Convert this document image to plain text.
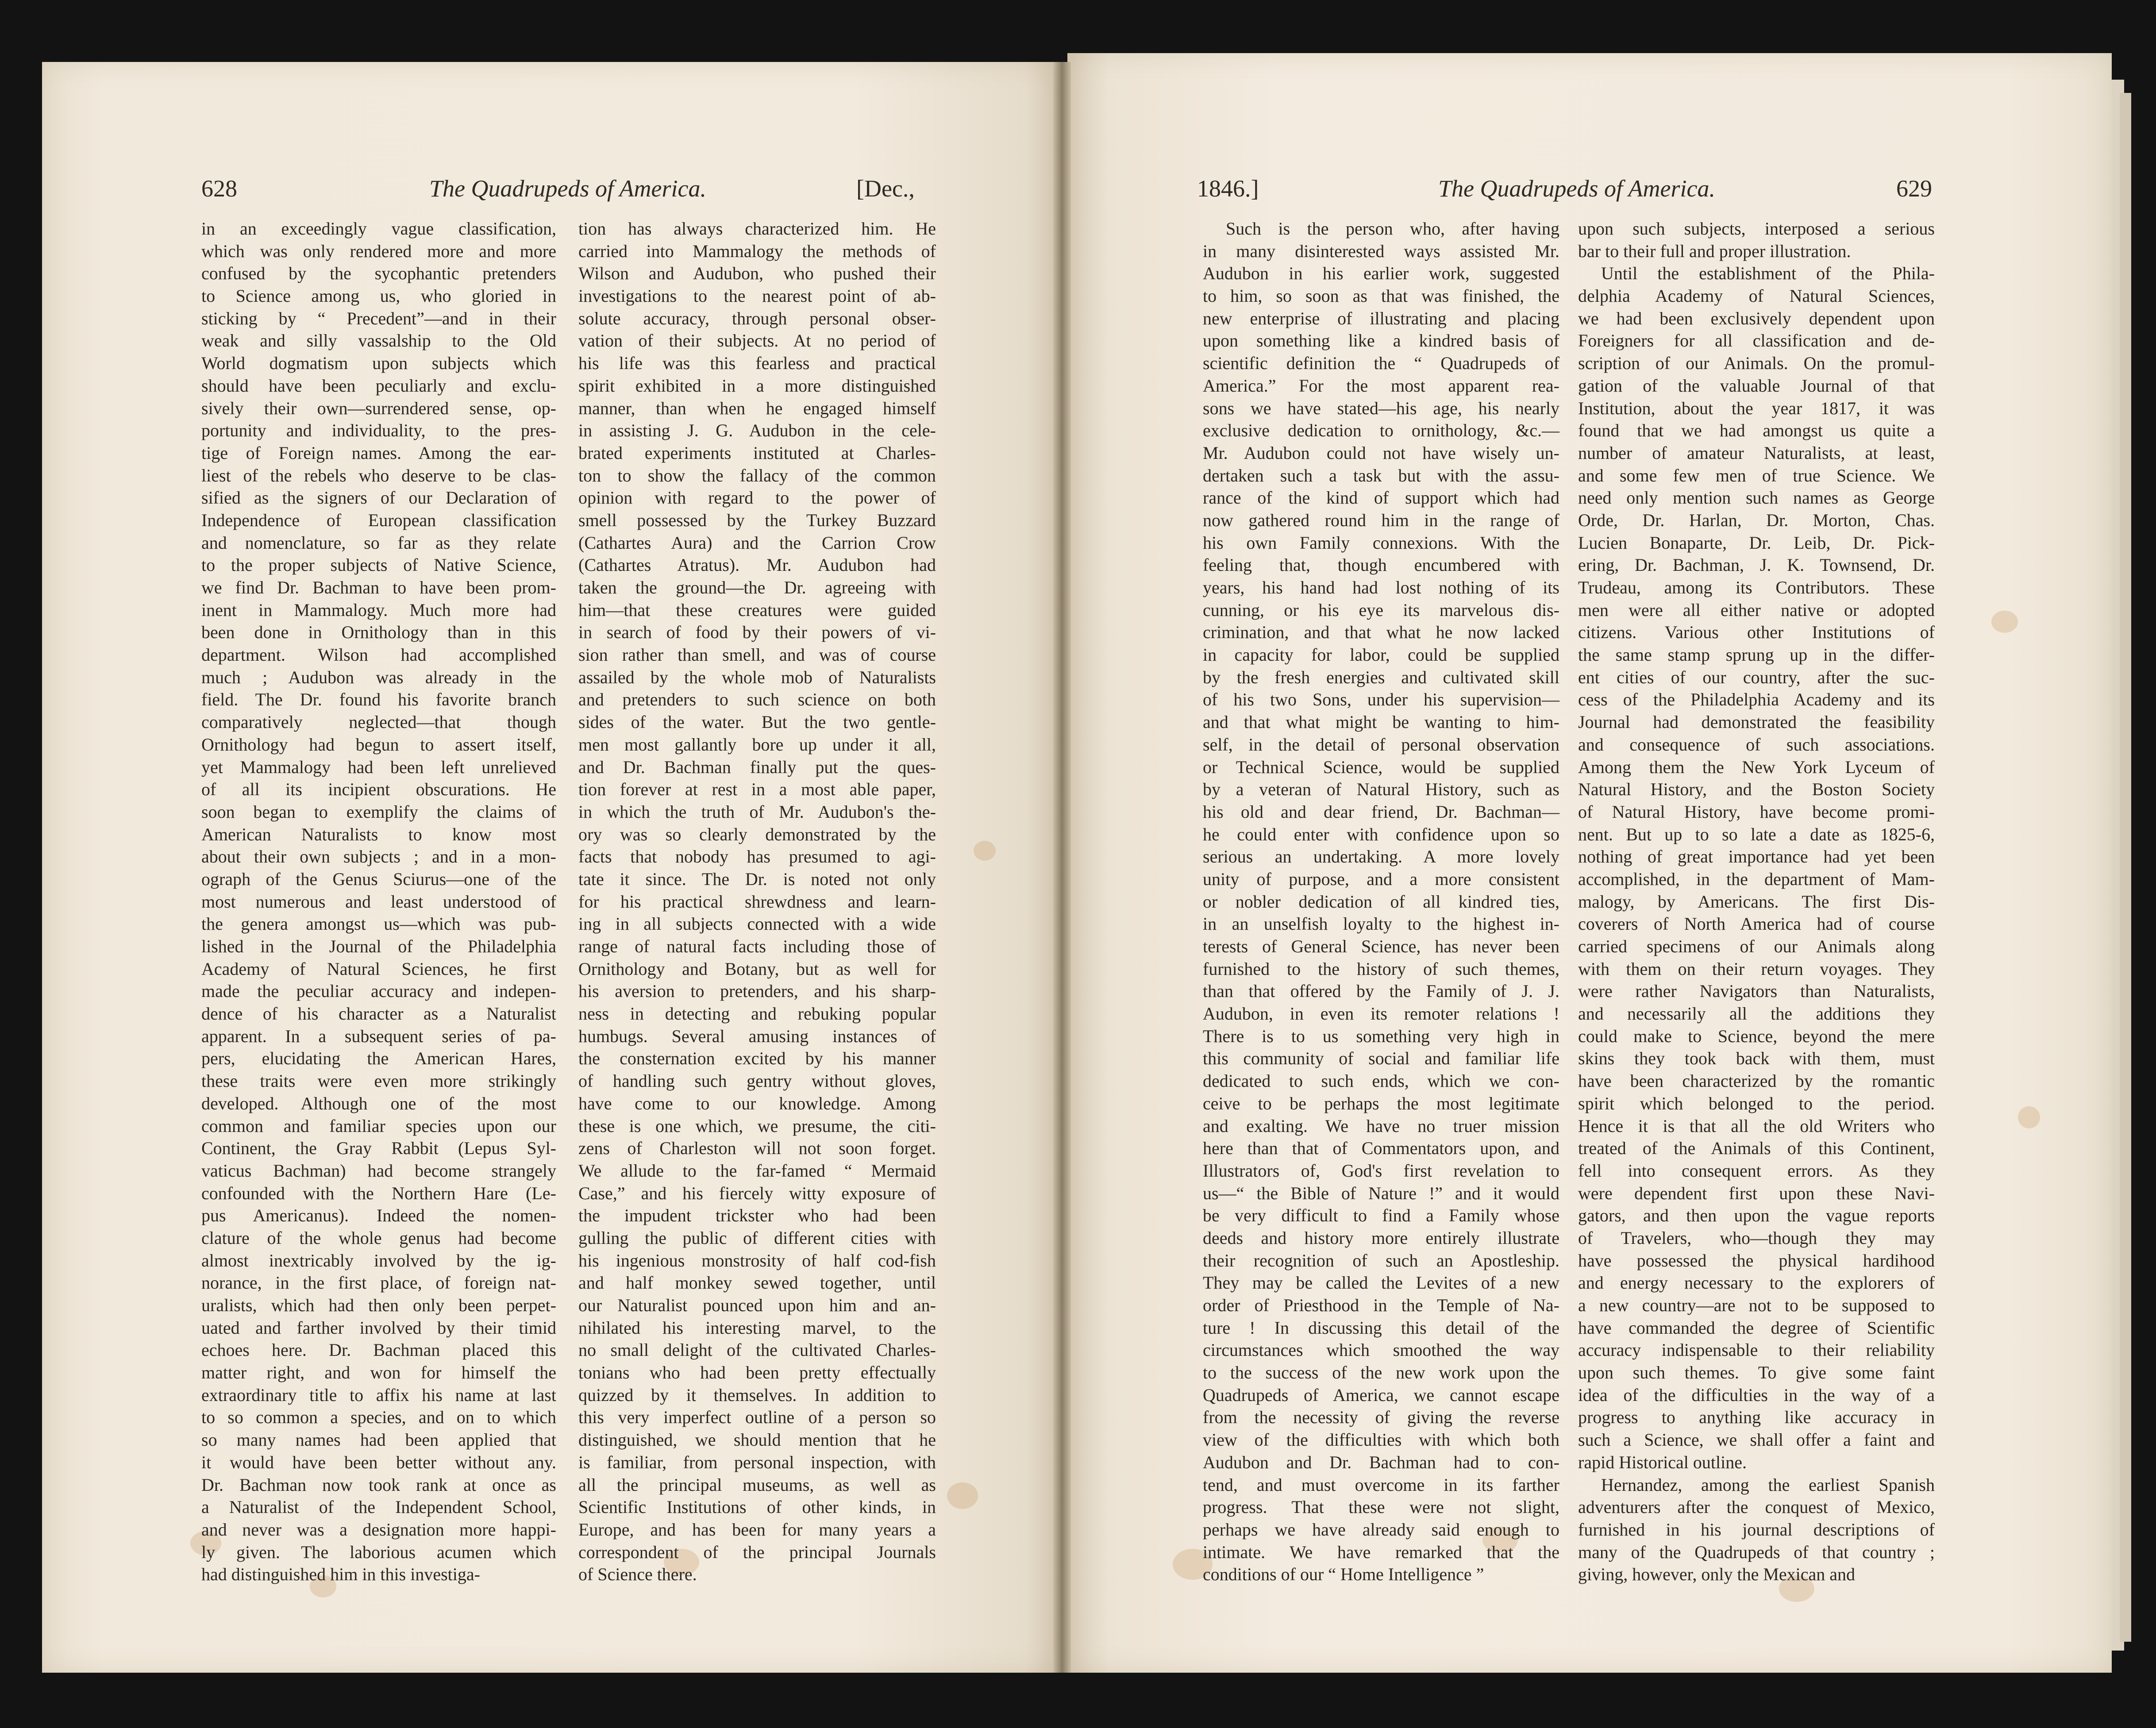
628	The Quadrupeds of America.	[Dec.,	1846.]	The Quadrupeds of America.	629
in an exceedingly vague classification,
which was only rendered more and more
confused by the sycophantic pretenders
to Science among us, who gloried in
sticking by “ Precedent”—and in their
weak and silly vassalship to the Old
World dogmatism upon subjects which
should have been peculiarly and exclu-
sively their own—surrendered sense, op-
portunity and individuality, to the pres-
tige of Foreign names. Among the ear-
liest of the rebels who deserve to be clas-
sified as the signers of our Declaration of
Independence of European classification
and nomenclature, so far as they relate
to the proper subjects of Native Science,
we find Dr. Bachman to have been prom-
inent in Mammalogy. Much more had
been done in Ornithology than in this
department. Wilson had accomplished
much ; Audubon was already in the
field. The Dr. found his favorite branch
comparatively neglected—that though
Ornithology had begun to assert itself,
yet Mammalogy had been left unrelieved
of all its incipient obscurations. He
soon began to exemplify the claims of
American Naturalists to know most
about their own subjects ; and in a mon-
ograph of the Genus Sciurus—one of the
most numerous and least understood of
the genera amongst us—which was pub-
lished in the Journal of the Philadelphia
Academy of Natural Sciences, he first
made the peculiar accuracy and indepen-
dence of his character as a Naturalist
apparent. In a subsequent series of pa-
pers, elucidating the American Hares,
these traits were even more strikingly
developed. Although one of the most
common and familiar species upon our
Continent, the Gray Rabbit (Lepus Syl-
vaticus Bachman) had become strangely
confounded with the Northern Hare (Le-
pus Americanus). Indeed the nomen-
clature of the whole genus had become
almost inextricably involved by the ig-
norance, in the first place, of foreign nat-
uralists, which had then only been perpet-
uated and farther involved by their timid
echoes here. Dr. Bachman placed this
matter right, and won for himself the
extraordinary title to affix his name at last
to so common a species, and on to which
so many names had been applied that
it would have been better without any.
Dr. Bachman now took rank at once as
a Naturalist of the Independent School,
and never was a designation more happi-
ly given. The laborious acumen which
had distinguished him in this investiga-
tion has always characterized him. He
carried into Mammalogy the methods of
Wilson and Audubon, who pushed their
investigations to the nearest point of ab-
solute accuracy, through personal obser-
vation of their subjects. At no period of
his life was this fearless and practical
spirit exhibited in a more distinguished
manner, than when he engaged himself
in assisting J. G. Audubon in the cele-
brated experiments instituted at Charles-
ton to show the fallacy of the common
opinion with regard to the power of
smell possessed by the Turkey Buzzard
(Cathartes Aura) and the Carrion Crow
(Cathartes Atratus). Mr. Audubon had
taken the ground—the Dr. agreeing with
him—that these creatures were guided
in search of food by their powers of vi-
sion rather than smell, and was of course
assailed by the whole mob of Naturalists
and pretenders to such science on both
sides of the water. But the two gentle-
men most gallantly bore up under it all,
and Dr. Bachman finally put the ques-
tion forever at rest in a most able paper,
in which the truth of Mr. Audubon's the-
ory was so clearly demonstrated by the
facts that nobody has presumed to agi-
tate it since. The Dr. is noted not only
for his practical shrewdness and learn-
ing in all subjects connected with a wide
range of natural facts including those of
Ornithology and Botany, but as well for
his aversion to pretenders, and his sharp-
ness in detecting and rebuking popular
humbugs. Several amusing instances of
the consternation excited by his manner
of handling such gentry without gloves,
have come to our knowledge. Among
these is one which, we presume, the citi-
zens of Charleston will not soon forget.
We allude to the far-famed “ Mermaid
Case,” and his fiercely witty exposure of
the impudent trickster who had been
gulling the public of different cities with
his ingenious monstrosity of half cod-fish
and half monkey sewed together, until
our Naturalist pounced upon him and an-
nihilated his interesting marvel, to the
no small delight of the cultivated Charles-
tonians who had been pretty effectually
quizzed by it themselves. In addition to
this very imperfect outline of a person so
distinguished, we should mention that he
is familiar, from personal inspection, with
all the principal museums, as well as
Scientific Institutions of other kinds, in
Europe, and has been for many years a
correspondent of the principal Journals
of Science there.
Such is the person who, after having
in many disinterested ways assisted Mr.
Audubon in his earlier work, suggested
to him, so soon as that was finished, the
new enterprise of illustrating and placing
upon something like a kindred basis of
scientific definition the “ Quadrupeds of
America.” For the most apparent rea-
sons we have stated—his age, his nearly
exclusive dedication to ornithology, &c.—
Mr. Audubon could not have wisely un-
dertaken such a task but with the assu-
rance of the kind of support which had
now gathered round him in the range of
his own Family connexions. With the
feeling that, though encumbered with
years, his hand had lost nothing of its
cunning, or his eye its marvelous dis-
crimination, and that what he now lacked
in capacity for labor, could be supplied
by the fresh energies and cultivated skill
of his two Sons, under his supervision—
and that what might be wanting to him-
self, in the detail of personal observation
or Technical Science, would be supplied
by a veteran of Natural History, such as
his old and dear friend, Dr. Bachman—
he could enter with confidence upon so
serious an undertaking. A more lovely
unity of purpose, and a more consistent
or nobler dedication of all kindred ties,
in an unselfish loyalty to the highest in-
terests of General Science, has never been
furnished to the history of such themes,
than that offered by the Family of J. J.
Audubon, in even its remoter relations !
There is to us something very high in
this community of social and familiar life
dedicated to such ends, which we con-
ceive to be perhaps the most legitimate
and exalting. We have no truer mission
here than that of Commentators upon, and
Illustrators of, God's first revelation to
us—“ the Bible of Nature !” and it would
be very difficult to find a Family whose
deeds and history more entirely illustrate
their recognition of such an Apostleship.
They may be called the Levites of a new
order of Priesthood in the Temple of Na-
ture ! In discussing this detail of the
circumstances which smoothed the way
to the success of the new work upon the
Quadrupeds of America, we cannot escape
from the necessity of giving the reverse
view of the difficulties with which both
Audubon and Dr. Bachman had to con-
tend, and must overcome in its farther
progress. That these were not slight,
perhaps we have already said enough to
intimate. We have remarked that the
conditions of our “ Home Intelligence ”
upon such subjects, interposed a serious
bar to their full and proper illustration.
Until the establishment of the Phila-
delphia Academy of Natural Sciences,
we had been exclusively dependent upon
Foreigners for all classification and de-
scription of our Animals. On the promul-
gation of the valuable Journal of that
Institution, about the year 1817, it was
found that we had amongst us quite a
number of amateur Naturalists, at least,
and some few men of true Science. We
need only mention such names as George
Orde, Dr. Harlan, Dr. Morton, Chas.
Lucien Bonaparte, Dr. Leib, Dr. Pick-
ering, Dr. Bachman, J. K. Townsend, Dr.
Trudeau, among its Contributors. These
men were all either native or adopted
citizens. Various other Institutions of
the same stamp sprung up in the differ-
ent cities of our country, after the suc-
cess of the Philadelphia Academy and its
Journal had demonstrated the feasibility
and consequence of such associations.
Among them the New York Lyceum of
Natural History, and the Boston Society
of Natural History, have become promi-
nent. But up to so late a date as 1825-6,
nothing of great importance had yet been
accomplished, in the department of Mam-
malogy, by Americans. The first Dis-
coverers of North America had of course
carried specimens of our Animals along
with them on their return voyages. They
were rather Navigators than Naturalists,
and necessarily all the additions they
could make to Science, beyond the mere
skins they took back with them, must
have been characterized by the romantic
spirit which belonged to the period.
Hence it is that all the old Writers who
treated of the Animals of this Continent,
fell into consequent errors. As they
were dependent first upon these Navi-
gators, and then upon the vague reports
of Travelers, who—though they may
have possessed the physical hardihood
and energy necessary to the explorers of
a new country—are not to be supposed to
have commanded the degree of Scientific
accuracy indispensable to their reliability
upon such themes. To give some faint
idea of the difficulties in the way of a
progress to anything like accuracy in
such a Science, we shall offer a faint and
rapid Historical outline.
Hernandez, among the earliest Spanish
adventurers after the conquest of Mexico,
furnished in his journal descriptions of
many of the Quadrupeds of that country ;
giving, however, only the Mexican and
